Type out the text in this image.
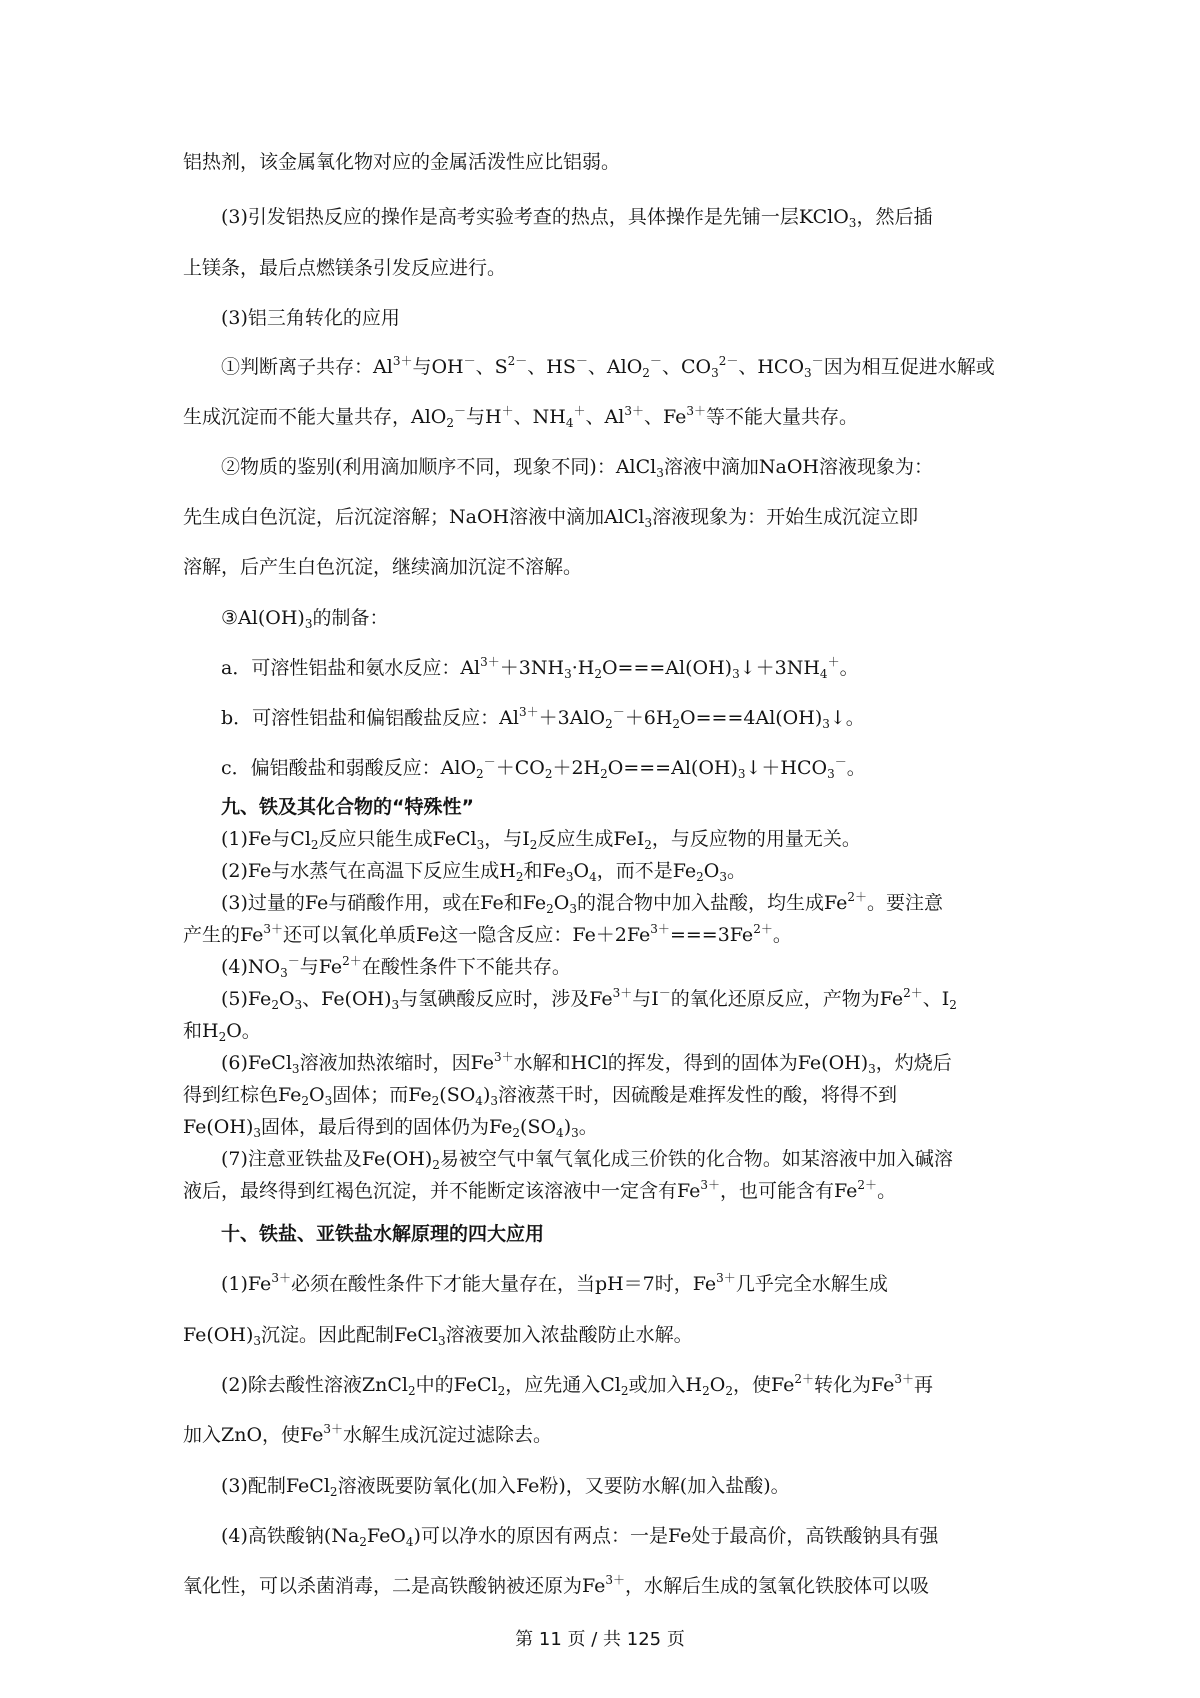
铝热剂，该金属氧化物对应的金属活泼性应比铝弱。
(3)引发铝热反应的操作是高考实验考查的热点，具体操作是先铺一层KClO$_3$，然后插
上镁条，最后点燃镁条引发反应进行。
(3)铝三角转化的应用
①判断离子共存：$Al^{3+}$与OH－、$S^{2-}$、HS－、AlO$_2$－、$CO_3^{2-}$、$HCO_3^-$因为相互促进水解或
生成沉淀而不能大量共存，AlO$_2$－与H＋、$NH_4^+$、$Al^{3+}$、$Fe^{3+}$等不能大量共存。
②物质的鉴别(利用滴加顺序不同，现象不同)：AlCl$_3$溶液中滴加NaOH溶液现象为：
先生成白色沉淀，后沉淀溶解；NaOH溶液中滴加AlCl$_3$溶液现象为：开始生成沉淀立即
溶解，后产生白色沉淀，继续滴加沉淀不溶解。
$③Al(OH)_3$的制备：
a．可溶性铝盐和氨水反应：$Al^{3+}+3NH_3\cdot H_2O===Al(OH)_3↓+3NH_4^+$。
b．可溶性铝盐和偏铝酸盐反应：$Al^{3+}+3AlO_2^-+6H_2O===4Al(OH)_3↓$。
c．偏铝酸盐和弱酸反应：$AlO_2^-+CO_2+2H_2O===Al(OH)_3↓+HCO_3^-$。
九、铁及其化合物的“特殊性”
(1)Fe与$Cl_2$反应只能生成FeCl$_3$，与$I_2$反应生成FeI$_2$，与反应物的用量无关。
(2)Fe与水蒸气在高温下反应生成$H_2$和$Fe_3O_4$，而不是$Fe_2O_3$。
(3)过量的Fe与硝酸作用，或在Fe和$Fe_2O_3$的混合物中加入盐酸，均生成$Fe^{2+}$。要注意
产生的$Fe^{3+}$还可以氧化单质Fe这一隐含反应：$Fe+2Fe^{3+}===3Fe^{2+}$。
$(4)NO_3^-$与$Fe^{2+}$在酸性条件下不能共存。
$(5)Fe_2O_3$、$Fe(OH)_3$与氢碘酸反应时，涉及$Fe^{3+}$与I－的氧化还原反应，产物为$Fe^{2+}$、$I_2$
和$H_2O$。
(6)FeCl$_3$溶液加热浓缩时，因$Fe^{3+}$水解和HCl的挥发，得到的固体为$Fe(OH)_3$，灼烧后
得到红棕色$Fe_2O_3$固体；而$Fe_2(SO_4)_3$溶液蒸干时，因硫酸是难挥发性的酸，将得不到
$Fe(OH)_3$固体，最后得到的固体仍为$Fe_2(SO_4)_3$。
(7)注意亚铁盐及$Fe(OH)_2$易被空气中氧气氧化成三价铁的化合物。如某溶液中加入碱溶
液后，最终得到红褐色沉淀，并不能断定该溶液中一定含有$Fe^{3+}$，也可能含有$Fe^{2+}$。
十、铁盐、亚铁盐水解原理的四大应用
$(1)Fe^{3+}$必须在酸性条件下才能大量存在，当pH＝7时，$Fe^{3+}$几乎完全水解生成
$Fe(OH)_3$沉淀。因此配制FeCl$_3$溶液要加入浓盐酸防止水解。
(2)除去酸性溶液ZnCl$_2$中的FeCl$_2$，应先通入$Cl_2$或加入$H_2O_2$，使$Fe^{2+}$转化为$Fe^{3+}$再
加入ZnO，使$Fe^{3+}$水解生成沉淀过滤除去。
(3)配制FeCl$_2$溶液既要防氧化(加入Fe粉)，又要防水解(加入盐酸)。
(4)高铁酸钠$(Na_2FeO_4)$可以净水的原因有两点：一是Fe处于最高价，高铁酸钠具有强
氧化性，可以杀菌消毒，二是高铁酸钠被还原为$Fe^{3+}$，水解后生成的氢氧化铁胶体可以吸
第 11 页 / 共 125 页
